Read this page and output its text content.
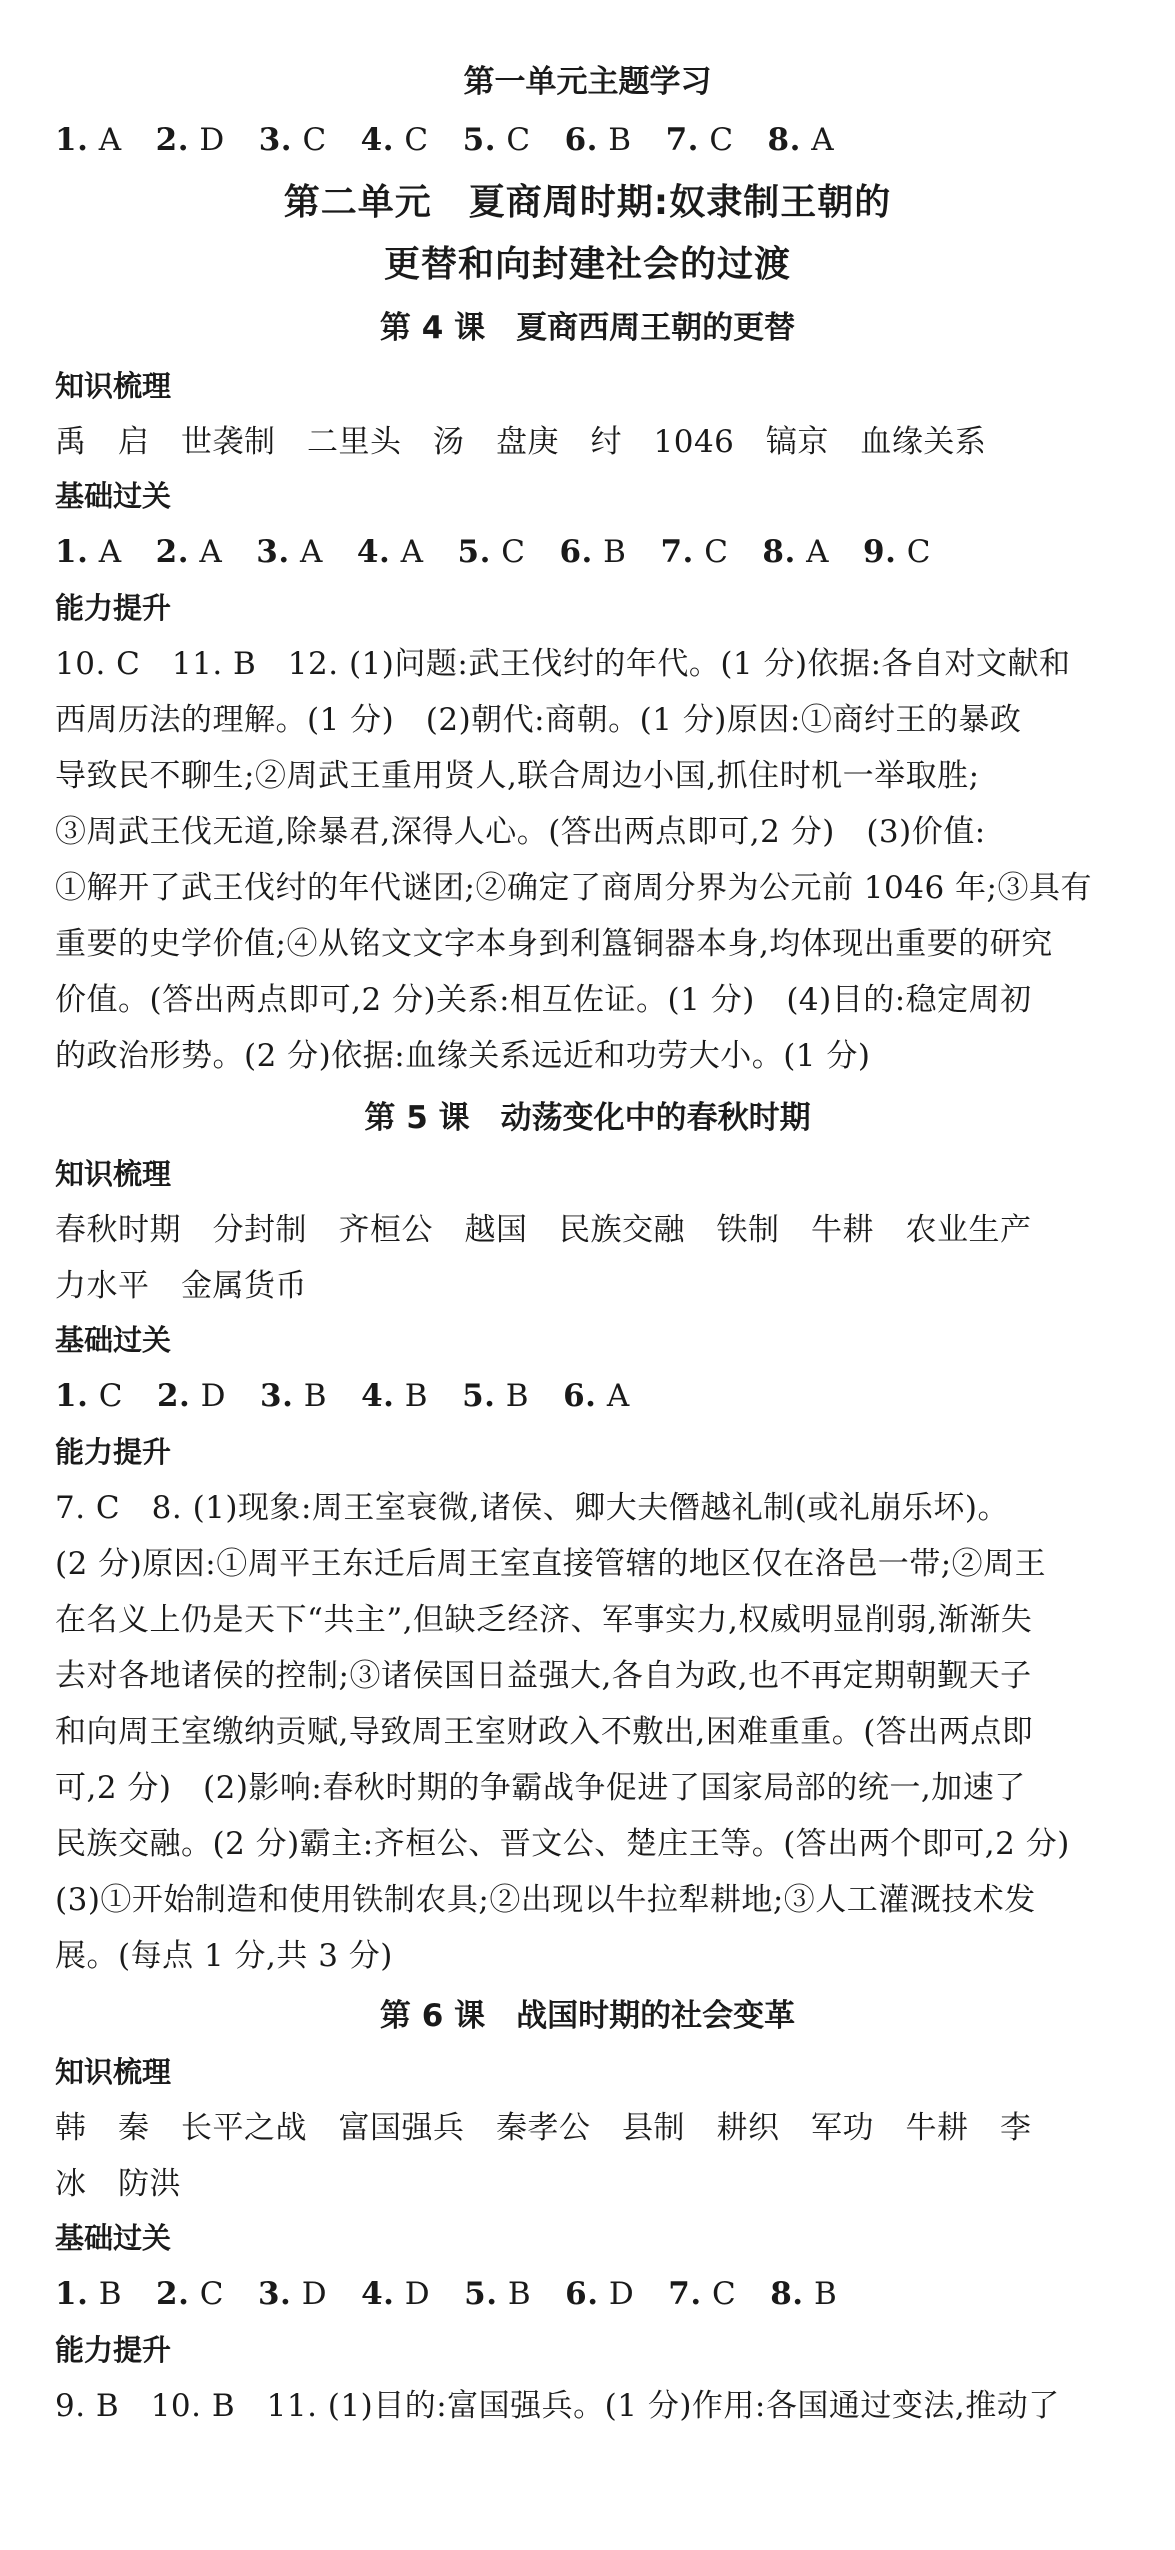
第一单元主题学习
1. A 2. D 3. C 4. C 5. C 6. B 7. C 8. A
第二单元　夏商周时期:奴隶制王朝的
更替和向封建社会的过渡
第 4 课　夏商西周王朝的更替
知识梳理
禹　启　世袭制　二里头　汤　盘庚　纣　1046　镐京　血缘关系
基础过关
1. A 2. A 3. A 4. A 5. C 6. B 7. C 8. A 9. C
能力提升
10. C　11. B　12. (1)问题:武王伐纣的年代。(1 分)依据:各自对文献和
西周历法的理解。(1 分)　(2)朝代:商朝。(1 分)原因:①商纣王的暴政
导致民不聊生;②周武王重用贤人,联合周边小国,抓住时机一举取胜;
③周武王伐无道,除暴君,深得人心。(答出两点即可,2 分)　(3)价值:
①解开了武王伐纣的年代谜团;②确定了商周分界为公元前 1046 年;③具有
重要的史学价值;④从铭文文字本身到利簋铜器本身,均体现出重要的研究
价值。(答出两点即可,2 分)关系:相互佐证。(1 分)　(4)目的:稳定周初
的政治形势。(2 分)依据:血缘关系远近和功劳大小。(1 分)
第 5 课　动荡变化中的春秋时期
知识梳理
春秋时期　分封制　齐桓公　越国　民族交融　铁制　牛耕　农业生产
力水平　金属货币
基础过关
1. C 2. D 3. B 4. B 5. B 6. A
能力提升
7. C　8. (1)现象:周王室衰微,诸侯、卿大夫僭越礼制(或礼崩乐坏)。
(2 分)原因:①周平王东迁后周王室直接管辖的地区仅在洛邑一带;②周王
在名义上仍是天下“共主”,但缺乏经济、军事实力,权威明显削弱,渐渐失
去对各地诸侯的控制;③诸侯国日益强大,各自为政,也不再定期朝觐天子
和向周王室缴纳贡赋,导致周王室财政入不敷出,困难重重。(答出两点即
可,2 分)　(2)影响:春秋时期的争霸战争促进了国家局部的统一,加速了
民族交融。(2 分)霸主:齐桓公、晋文公、楚庄王等。(答出两个即可,2 分)
(3)①开始制造和使用铁制农具;②出现以牛拉犁耕地;③人工灌溉技术发
展。(每点 1 分,共 3 分)
第 6 课　战国时期的社会变革
知识梳理
韩　秦　长平之战　富国强兵　秦孝公　县制　耕织　军功　牛耕　李
冰　防洪
基础过关
1. B 2. C 3. D 4. D 5. B 6. D 7. C 8. B
能力提升
9. B　10. B　11. (1)目的:富国强兵。(1 分)作用:各国通过变法,推动了
